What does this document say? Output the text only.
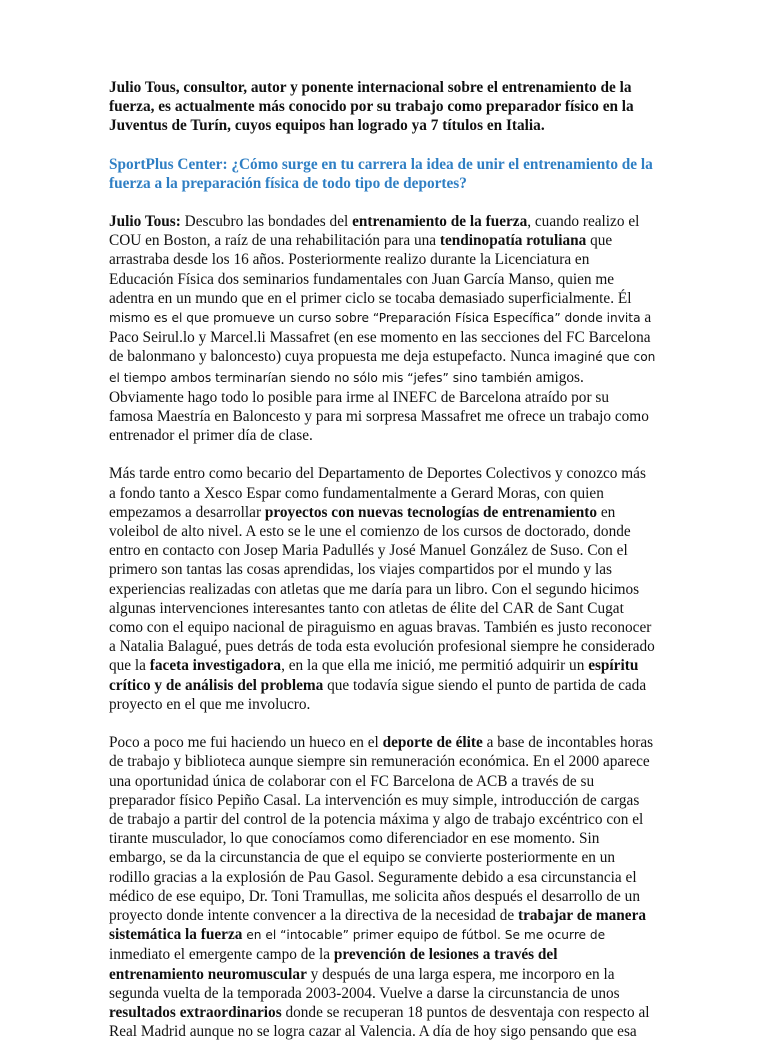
Julio Tous, consultor, autor y ponente internacional sobre el entrenamiento de la fuerza, es actualmente más conocido por su trabajo como preparador físico en la Juventus de Turín, cuyos equipos han logrado ya 7 títulos en Italia.

SportPlus Center: ¿Cómo surge en tu carrera la idea de unir el entrenamiento de la fuerza a la preparación física de todo tipo de deportes?

Julio Tous: Descubro las bondades del entrenamiento de la fuerza, cuando realizo el COU en Boston, a raíz de una rehabilitación para una tendinopatía rotuliana que arrastraba desde los 16 años. Posteriormente realizo durante la Licenciatura en Educación Física dos seminarios fundamentales con Juan García Manso, quien me adentra en un mundo que en el primer ciclo se tocaba demasiado superficialmente. Él mismo es el que promueve un curso sobre “Preparación Física Específica” donde invita a Paco Seirul.lo y Marcel.li Massafret (en ese momento en las secciones del FC Barcelona de balonmano y baloncesto) cuya propuesta me deja estupefacto. Nunca imaginé que con el tiempo ambos terminarían siendo no sólo mis “jefes” sino también amigos. Obviamente hago todo lo posible para irme al INEFC de Barcelona atraído por su famosa Maestría en Baloncesto y para mi sorpresa Massafret me ofrece un trabajo como entrenador el primer día de clase.

Más tarde entro como becario del Departamento de Deportes Colectivos y conozco más a fondo tanto a Xesco Espar como fundamentalmente a Gerard Moras, con quien empezamos a desarrollar proyectos con nuevas tecnologías de entrenamiento en voleibol de alto nivel. A esto se le une el comienzo de los cursos de doctorado, donde entro en contacto con Josep Maria Padullés y José Manuel González de Suso. Con el primero son tantas las cosas aprendidas, los viajes compartidos por el mundo y las experiencias realizadas con atletas que me daría para un libro. Con el segundo hicimos algunas intervenciones interesantes tanto con atletas de élite del CAR de Sant Cugat como con el equipo nacional de piraguismo en aguas bravas. También es justo reconocer a Natalia Balagué, pues detrás de toda esta evolución profesional siempre he considerado que la faceta investigadora, en la que ella me inició, me permitió adquirir un espíritu crítico y de análisis del problema que todavía sigue siendo el punto de partida de cada proyecto en el que me involucro.

Poco a poco me fui haciendo un hueco en el deporte de élite a base de incontables horas de trabajo y biblioteca aunque siempre sin remuneración económica. En el 2000 aparece una oportunidad única de colaborar con el FC Barcelona de ACB a través de su preparador físico Pepiño Casal. La intervención es muy simple, introducción de cargas de trabajo a partir del control de la potencia máxima y algo de trabajo excéntrico con el tirante musculador, lo que conocíamos como diferenciador en ese momento. Sin embargo, se da la circunstancia de que el equipo se convierte posteriormente en un rodillo gracias a la explosión de Pau Gasol. Seguramente debido a esa circunstancia el médico de ese equipo, Dr. Toni Tramullas, me solicita años después el desarrollo de un proyecto donde intente convencer a la directiva de la necesidad de trabajar de manera sistemática la fuerza en el “intocable” primer equipo de fútbol. Se me ocurre de inmediato el emergente campo de la prevención de lesiones a través del entrenamiento neuromuscular y después de una larga espera, me incorporo en la segunda vuelta de la temporada 2003-2004. Vuelve a darse la circunstancia de unos resultados extraordinarios donde se recuperan 18 puntos de desventaja con respecto al Real Madrid aunque no se logra cazar al Valencia. A día de hoy sigo pensando que esa
